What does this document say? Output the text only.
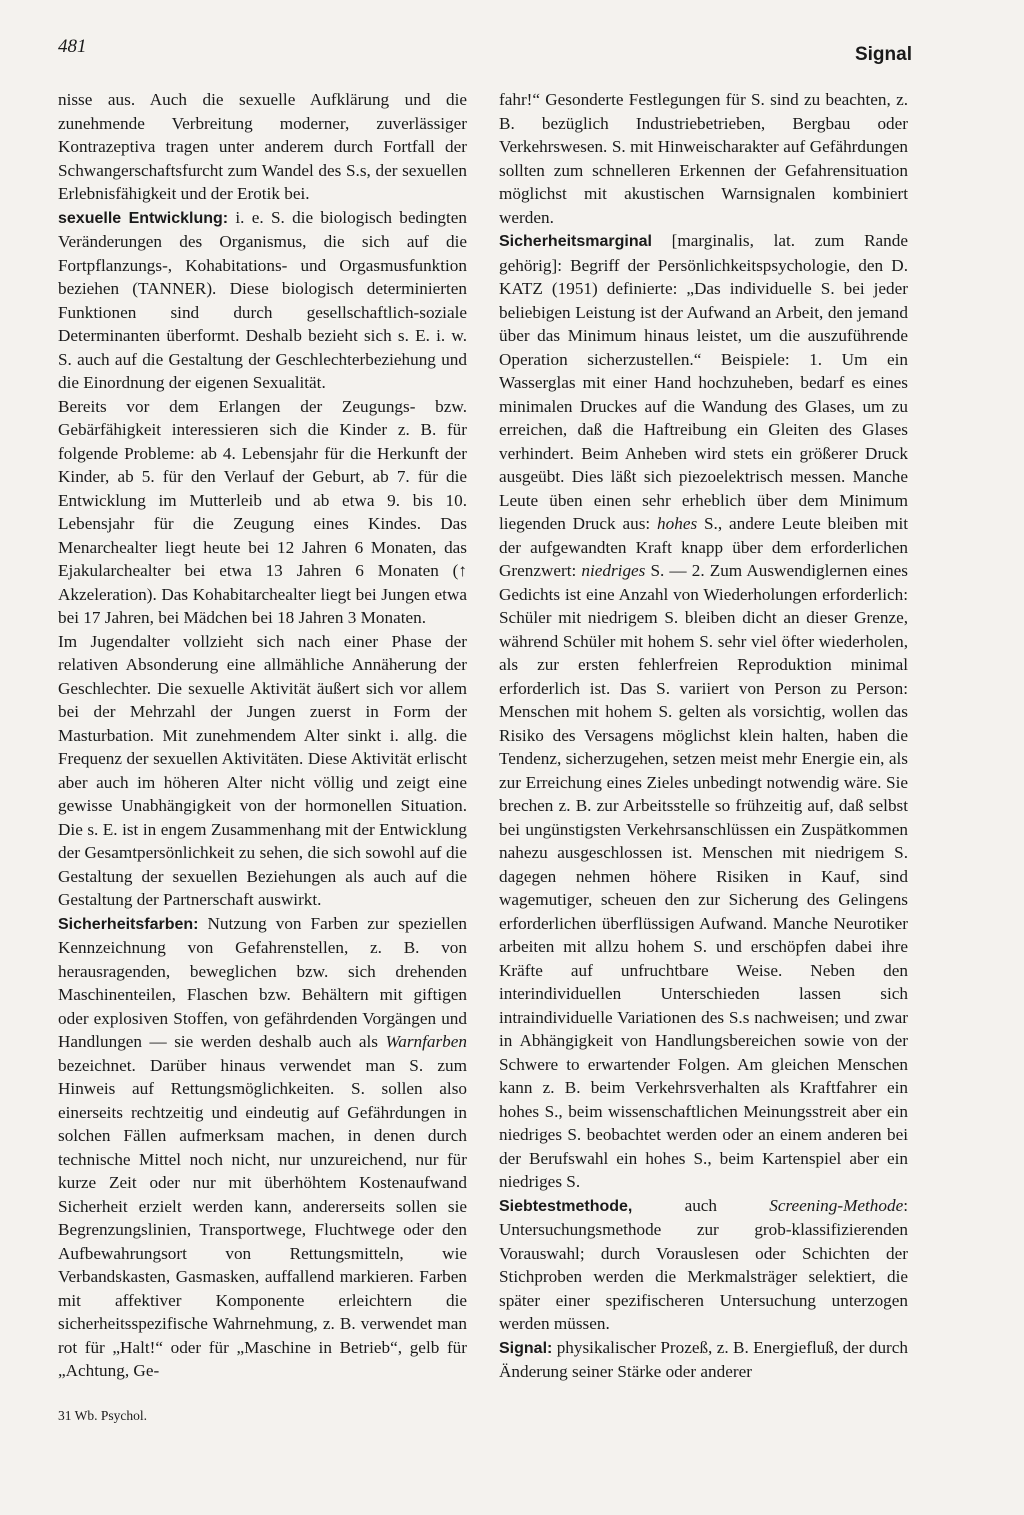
481	Signal

nisse aus. Auch die sexuelle Aufklärung und die zunehmende Verbreitung moderner, zuverlässiger Kontrazeptiva tragen unter anderem durch Fortfall der Schwangerschaftsfurcht zum Wandel des S.s, der sexuellen Erlebnisfähigkeit und der Erotik bei.

sexuelle Entwicklung: i. e. S. die biologisch bedingten Veränderungen des Organismus, die sich auf die Fortpflanzungs-, Kohabitations- und Orgasmusfunktion beziehen (TANNER). Diese biologisch determinierten Funktionen sind durch gesellschaftlich-soziale Determinanten überformt. Deshalb bezieht sich s. E. i. w. S. auch auf die Gestaltung der Geschlechterbeziehung und die Einordnung der eigenen Sexualität.

Bereits vor dem Erlangen der Zeugungs- bzw. Gebärfähigkeit interessieren sich die Kinder z. B. für folgende Probleme: ab 4. Lebensjahr für die Herkunft der Kinder, ab 5. für den Verlauf der Geburt, ab 7. für die Entwicklung im Mutterleib und ab etwa 9. bis 10. Lebensjahr für die Zeugung eines Kindes. Das Menarchealter liegt heute bei 12 Jahren 6 Monaten, das Ejakularchealter bei etwa 13 Jahren 6 Monaten (↑ Akzeleration). Das Kohabitarchealter liegt bei Jungen etwa bei 17 Jahren, bei Mädchen bei 18 Jahren 3 Monaten.

Im Jugendalter vollzieht sich nach einer Phase der relativen Absonderung eine allmähliche Annäherung der Geschlechter. Die sexuelle Aktivität äußert sich vor allem bei der Mehrzahl der Jungen zuerst in Form der Masturbation. Mit zunehmendem Alter sinkt i. allg. die Frequenz der sexuellen Aktivitäten. Diese Aktivität erlischt aber auch im höheren Alter nicht völlig und zeigt eine gewisse Unabhängigkeit von der hormonellen Situation. Die s. E. ist in engem Zusammenhang mit der Entwicklung der Gesamtpersönlichkeit zu sehen, die sich sowohl auf die Gestaltung der sexuellen Beziehungen als auch auf die Gestaltung der Partnerschaft auswirkt.

Sicherheitsfarben: Nutzung von Farben zur speziellen Kennzeichnung von Gefahrenstellen, z. B. von herausragenden, beweglichen bzw. sich drehenden Maschinenteilen, Flaschen bzw. Behältern mit giftigen oder explosiven Stoffen, von gefährdenden Vorgängen und Handlungen — sie werden deshalb auch als Warnfarben bezeichnet. Darüber hinaus verwendet man S. zum Hinweis auf Rettungsmöglichkeiten. S. sollen also einerseits rechtzeitig und eindeutig auf Gefährdungen in solchen Fällen aufmerksam machen, in denen durch technische Mittel noch nicht, nur unzureichend, nur für kurze Zeit oder nur mit überhöhtem Kostenaufwand Sicherheit erzielt werden kann, andererseits sollen sie Begrenzungslinien, Transportwege, Fluchtwege oder den Aufbewahrungsort von Rettungsmitteln, wie Verbandskasten, Gasmasken, auffallend markieren. Farben mit affektiver Komponente erleichtern die sicherheitsspezifische Wahrnehmung, z. B. verwendet man rot für „Halt!“ oder für „Maschine in Betrieb“, gelb für „Achtung, Ge-

fahr!“ Gesonderte Festlegungen für S. sind zu beachten, z. B. bezüglich Industriebetrieben, Bergbau oder Verkehrswesen. S. mit Hinweischarakter auf Gefährdungen sollten zum schnelleren Erkennen der Gefahrensituation möglichst mit akustischen Warnsignalen kombiniert werden.

Sicherheitsmarginal [marginalis, lat. zum Rande gehörig]: Begriff der Persönlichkeitspsychologie, den D. KATZ (1951) definierte: „Das individuelle S. bei jeder beliebigen Leistung ist der Aufwand an Arbeit, den jemand über das Minimum hinaus leistet, um die auszuführende Operation sicherzustellen.“ Beispiele: 1. Um ein Wasserglas mit einer Hand hochzuheben, bedarf es eines minimalen Druckes auf die Wandung des Glases, um zu erreichen, daß die Haftreibung ein Gleiten des Glases verhindert. Beim Anheben wird stets ein größerer Druck ausgeübt. Dies läßt sich piezoelektrisch messen. Manche Leute üben einen sehr erheblich über dem Minimum liegenden Druck aus: hohes S., andere Leute bleiben mit der aufgewandten Kraft knapp über dem erforderlichen Grenzwert: niedriges S. — 2. Zum Auswendiglernen eines Gedichts ist eine Anzahl von Wiederholungen erforderlich: Schüler mit niedrigem S. bleiben dicht an dieser Grenze, während Schüler mit hohem S. sehr viel öfter wiederholen, als zur ersten fehlerfreien Reproduktion minimal erforderlich ist. Das S. variiert von Person zu Person: Menschen mit hohem S. gelten als vorsichtig, wollen das Risiko des Versagens möglichst klein halten, haben die Tendenz, sicherzugehen, setzen meist mehr Energie ein, als zur Erreichung eines Zieles unbedingt notwendig wäre. Sie brechen z. B. zur Arbeitsstelle so frühzeitig auf, daß selbst bei ungünstigsten Verkehrsanschlüssen ein Zuspätkommen nahezu ausgeschlossen ist. Menschen mit niedrigem S. dagegen nehmen höhere Risiken in Kauf, sind wagemutiger, scheuen den zur Sicherung des Gelingens erforderlichen überflüssigen Aufwand. Manche Neurotiker arbeiten mit allzu hohem S. und erschöpfen dabei ihre Kräfte auf unfruchtbare Weise. Neben den interindividuellen Unterschieden lassen sich intraindividuelle Variationen des S.s nachweisen; und zwar in Abhängigkeit von Handlungsbereichen sowie von der Schwere to erwartender Folgen. Am gleichen Menschen kann z. B. beim Verkehrsverhalten als Kraftfahrer ein hohes S., beim wissenschaftlichen Meinungsstreit aber ein niedriges S. beobachtet werden oder an einem anderen bei der Berufswahl ein hohes S., beim Kartenspiel aber ein niedriges S.

Siebtestmethode, auch Screening-Methode: Untersuchungsmethode zur grob-klassifizierenden Vorauswahl; durch Vorauslesen oder Schichten der Stichproben werden die Merkmalsträger selektiert, die später einer spezifischeren Untersuchung unterzogen werden müssen.

Signal: physikalischer Prozeß, z. B. Energiefluß, der durch Änderung seiner Stärke oder anderer

31 Wb. Psychol.
